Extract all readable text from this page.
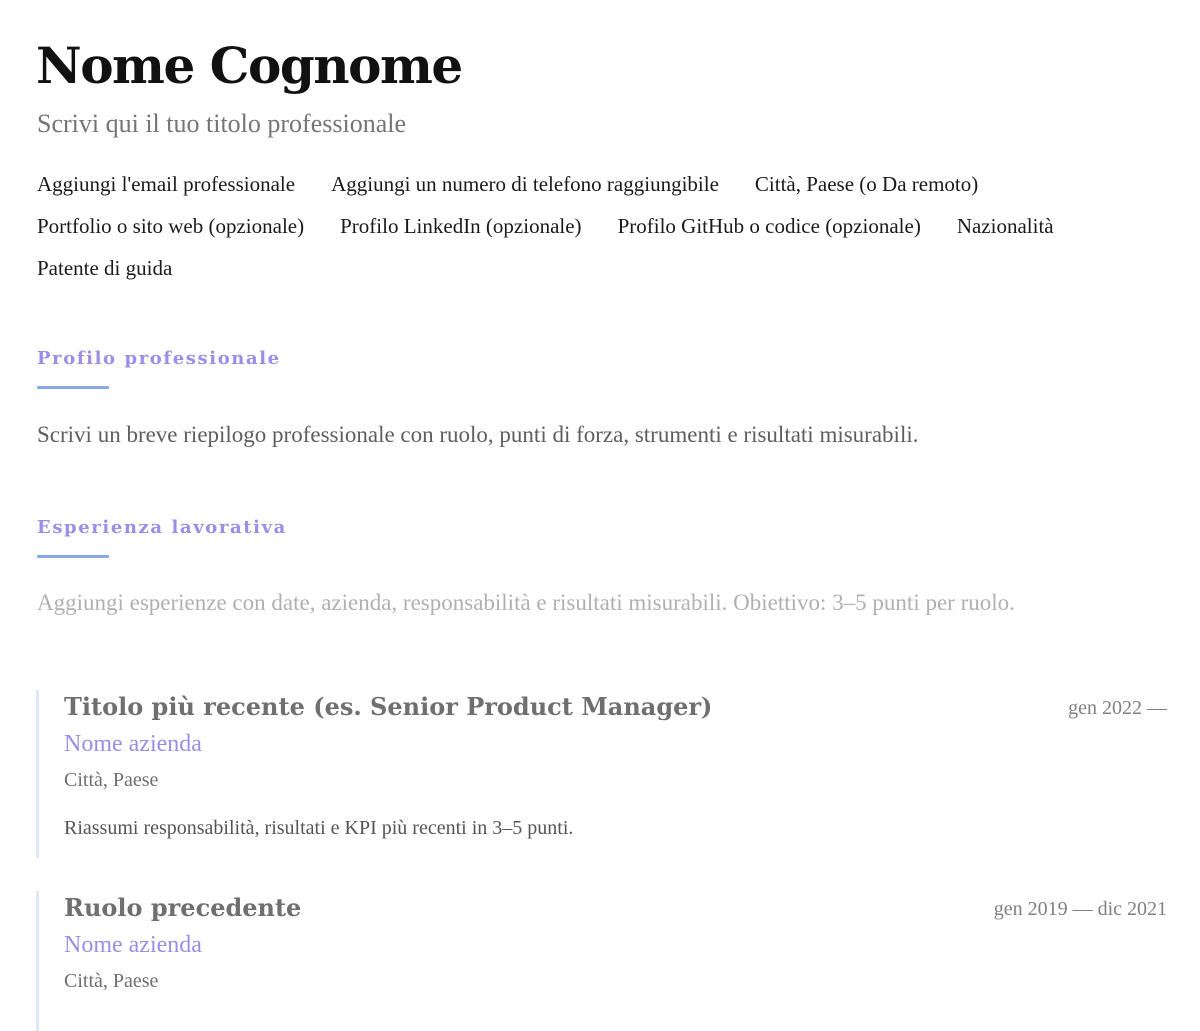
Nome Cognome
Scrivi qui il tuo titolo professionale
Aggiungi l'email professionale Aggiungi un numero di telefono raggiungibile Città, Paese (o Da remoto)
Portfolio o sito web (opzionale) Profilo LinkedIn (opzionale) Profilo GitHub o codice (opzionale) Nazionalità
Patente di guida
Profilo professionale
Scrivi un breve riepilogo professionale con ruolo, punti di forza, strumenti e risultati misurabili.
Esperienza lavorativa
Aggiungi esperienze con date, azienda, responsabilità e risultati misurabili. Obiettivo: 3–5 punti per ruolo.
Titolo più recente (es. Senior Product Manager)
Nome azienda
Città, Paese
Riassumi responsabilità, risultati e KPI più recenti in 3–5 punti.
gen 2022 —
Ruolo precedente
Nome azienda
Città, Paese
gen 2019 — dic 2021
